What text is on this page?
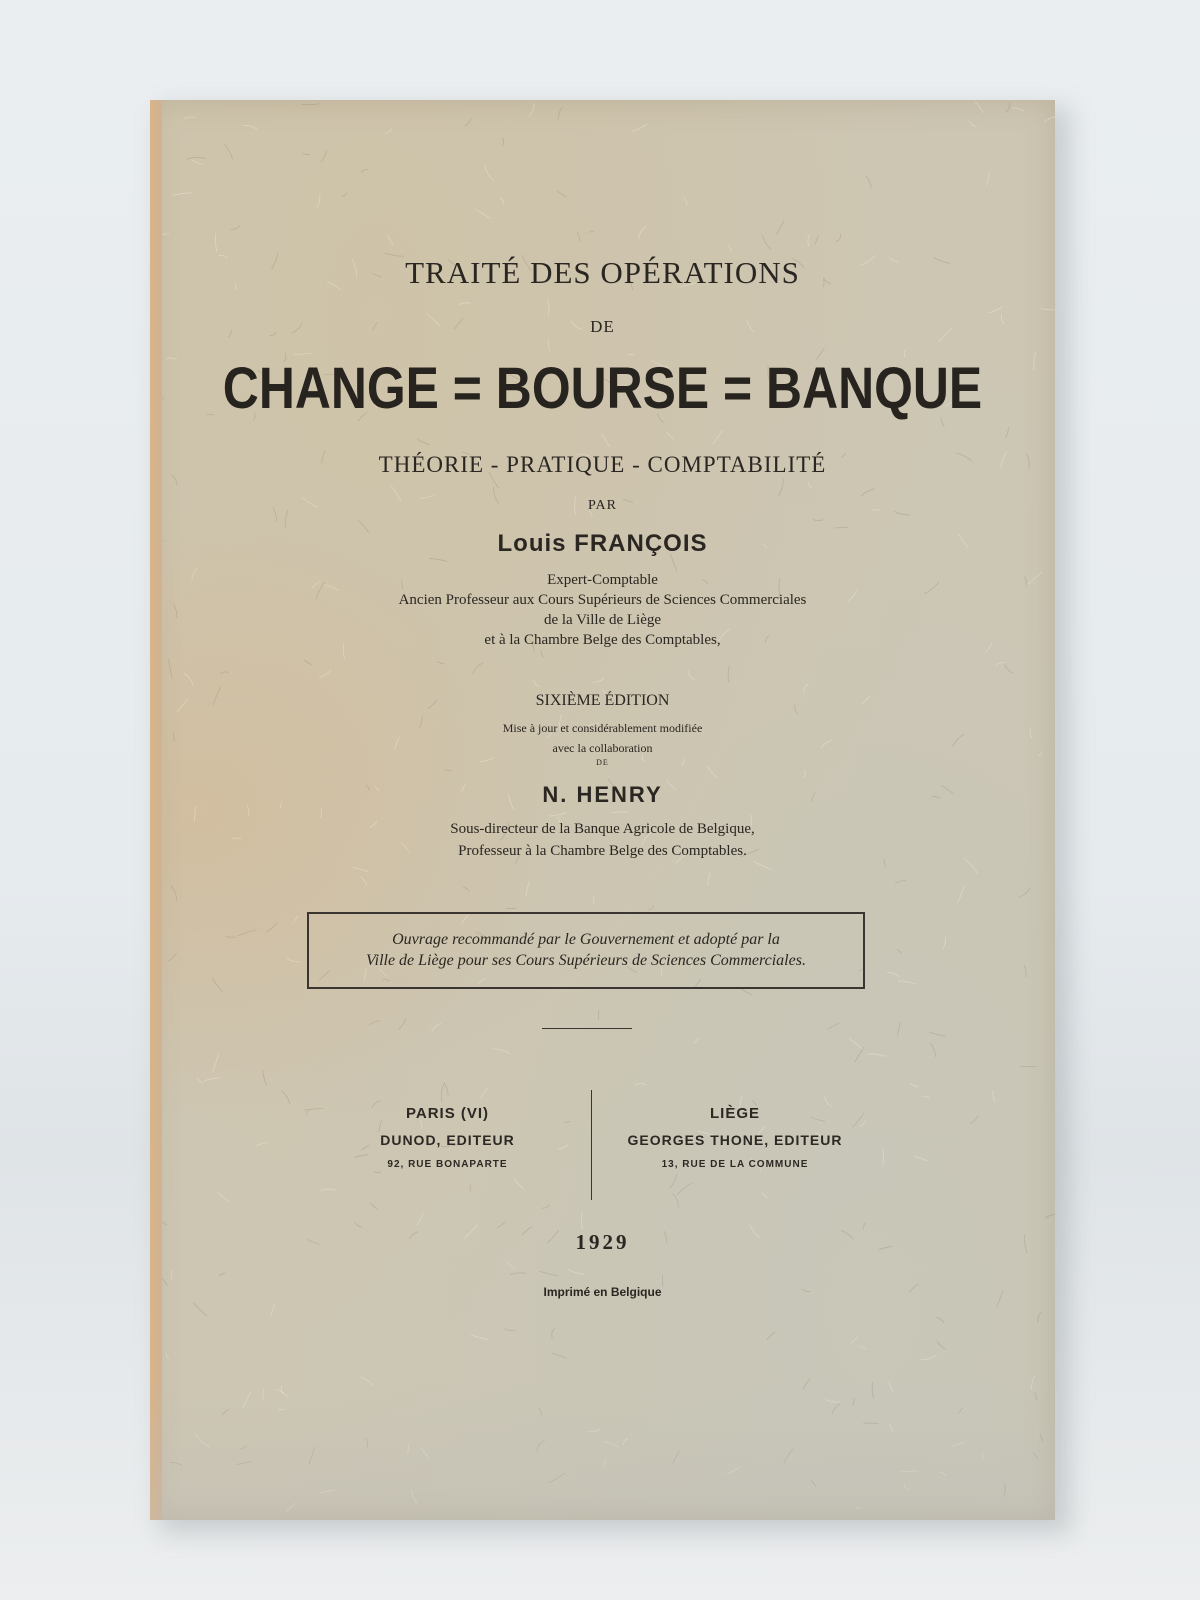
TRAITÉ DES OPÉRATIONS
DE
CHANGE = BOURSE = BANQUE
THÉORIE - PRATIQUE - COMPTABILITÉ
PAR
Louis FRANÇOIS
Expert-Comptable
Ancien Professeur aux Cours Supérieurs de Sciences Commerciales
de la Ville de Liège
et à la Chambre Belge des Comptables,
SIXIÈME ÉDITION
Mise à jour et considérablement modifiée
avec la collaboration
DE
N. HENRY
Sous-directeur de la Banque Agricole de Belgique,
Professeur à la Chambre Belge des Comptables.
Ouvrage recommandé par le Gouvernement et adopté par la
Ville de Liège pour ses Cours Supérieurs de Sciences Commerciales.
PARIS (VI)
DUNOD, EDITEUR
92, RUE BONAPARTE
LIÈGE
GEORGES THONE, EDITEUR
13, RUE DE LA COMMUNE
1929
Imprimé en Belgique
